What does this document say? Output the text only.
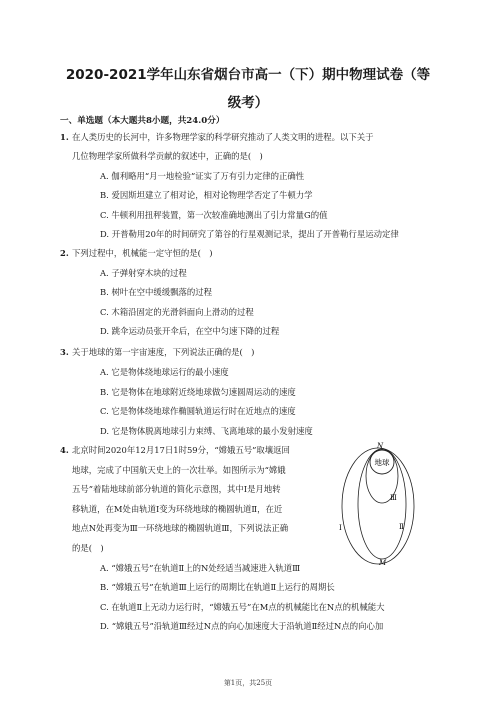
2020-2021学年山东省烟台市高一（下）期中物理试卷（等
级考）
一、单选题（本大题共8小题，共24.0分）
1. 在人类历史的长河中，许多物理学家的科学研究推动了人类文明的进程。以下关于
几位物理学家所做科学贡献的叙述中，正确的是(　)
A. 伽利略用“月一地检验”证实了万有引力定律的正确性
B. 爱因斯坦建立了相对论，相对论物理学否定了牛顿力学
C. 牛顿利用扭秤装置，第一次较准确地测出了引力常量G的值
D. 开普勒用20年的时间研究了第谷的行星观测记录，提出了开普勒行星运动定律
2. 下列过程中，机械能一定守恒的是(　)
A. 子弹射穿木块的过程
B. 树叶在空中缓缓飘落的过程
C. 木箱沿固定的光滑斜面向上滑动的过程
D. 跳伞运动员张开伞后，在空中匀速下降的过程
3. 关于地球的第一宇宙速度，下列说法正确的是(　)
A. 它是物体绕地球运行的最小速度
B. 它是物体在地球附近绕地球做匀速圆周运动的速度
C. 它是物体绕地球作椭圆轨道运行时在近地点的速度
D. 它是物体脱离地球引力束缚、飞离地球的最小发射速度
4. 北京时间2020年12月17日1时59分，“嫦娥五号”取壤返回
地球，完成了中国航天史上的一次壮举。如图所示为“嫦娥
五号”着陆地球前部分轨道的简化示意图，其中Ⅰ是月地转
移轨道，在M处由轨道Ⅰ变为环绕地球的椭圆轨道Ⅱ，在近
地点N处再变为Ⅲ一环绕地球的椭圆轨道Ⅲ，下列说法正确
的是(　)
A. “嫦娥五号”在轨道Ⅱ上的N处经适当减速进入轨道Ⅲ
B. “嫦娥五号”在轨道Ⅲ上运行的周期比在轨道Ⅱ上运行的周期长
C. 在轨道Ⅱ上无动力运行时，“嫦娥五号”在M点的机械能比在N点的机械能大
D. “嫦娥五号”沿轨道Ⅲ经过N点的向心加速度大于沿轨道Ⅱ经过N点的向心加
地球
N
M
Ⅰ	Ⅱ
Ⅲ
第1页，共25页
